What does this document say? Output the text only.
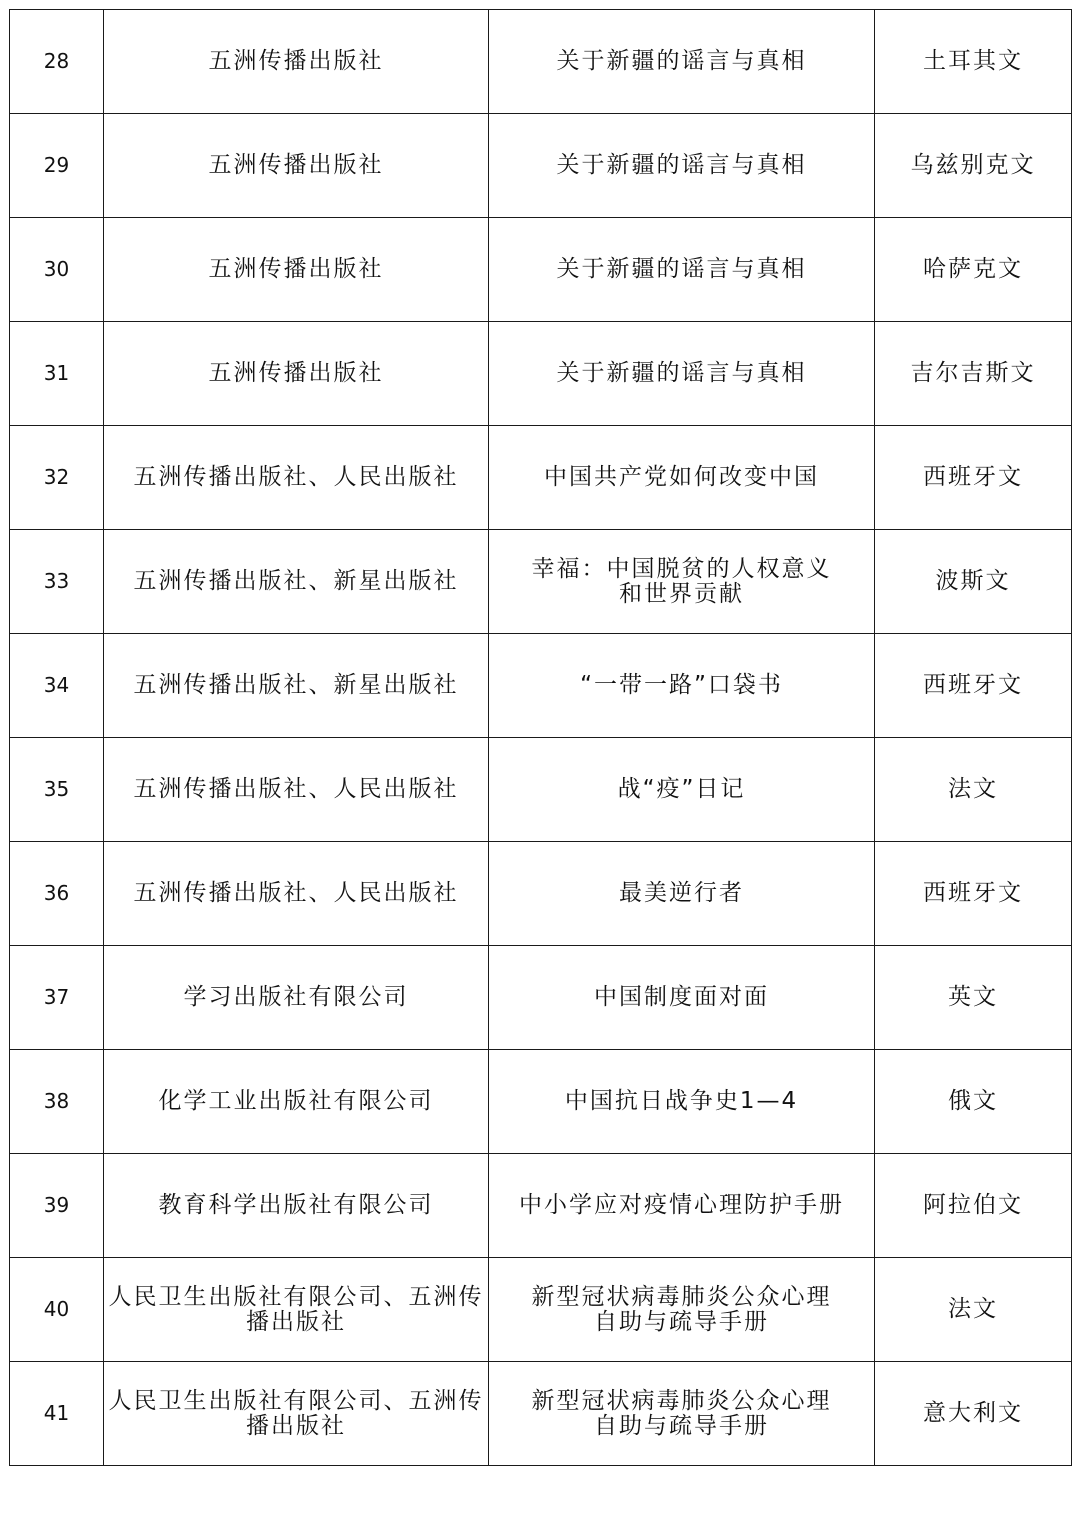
28	五洲传播出版社	关于新疆的谣言与真相	土耳其文
29	五洲传播出版社	关于新疆的谣言与真相	乌兹别克文
30	五洲传播出版社	关于新疆的谣言与真相	哈萨克文
31	五洲传播出版社	关于新疆的谣言与真相	吉尔吉斯文
32	五洲传播出版社、人民出版社	中国共产党如何改变中国	西班牙文
33	五洲传播出版社、新星出版社	幸福：中国脱贫的人权意义和世界贡献	波斯文
34	五洲传播出版社、新星出版社	“一带一路”口袋书	西班牙文
35	五洲传播出版社、人民出版社	战“疫”日记	法文
36	五洲传播出版社、人民出版社	最美逆行者	西班牙文
37	学习出版社有限公司	中国制度面对面	英文
38	化学工业出版社有限公司	中国抗日战争史1—4	俄文
39	教育科学出版社有限公司	中小学应对疫情心理防护手册	阿拉伯文
40	人民卫生出版社有限公司、五洲传播出版社	新型冠状病毒肺炎公众心理自助与疏导手册	法文
41	人民卫生出版社有限公司、五洲传播出版社	新型冠状病毒肺炎公众心理自助与疏导手册	意大利文
